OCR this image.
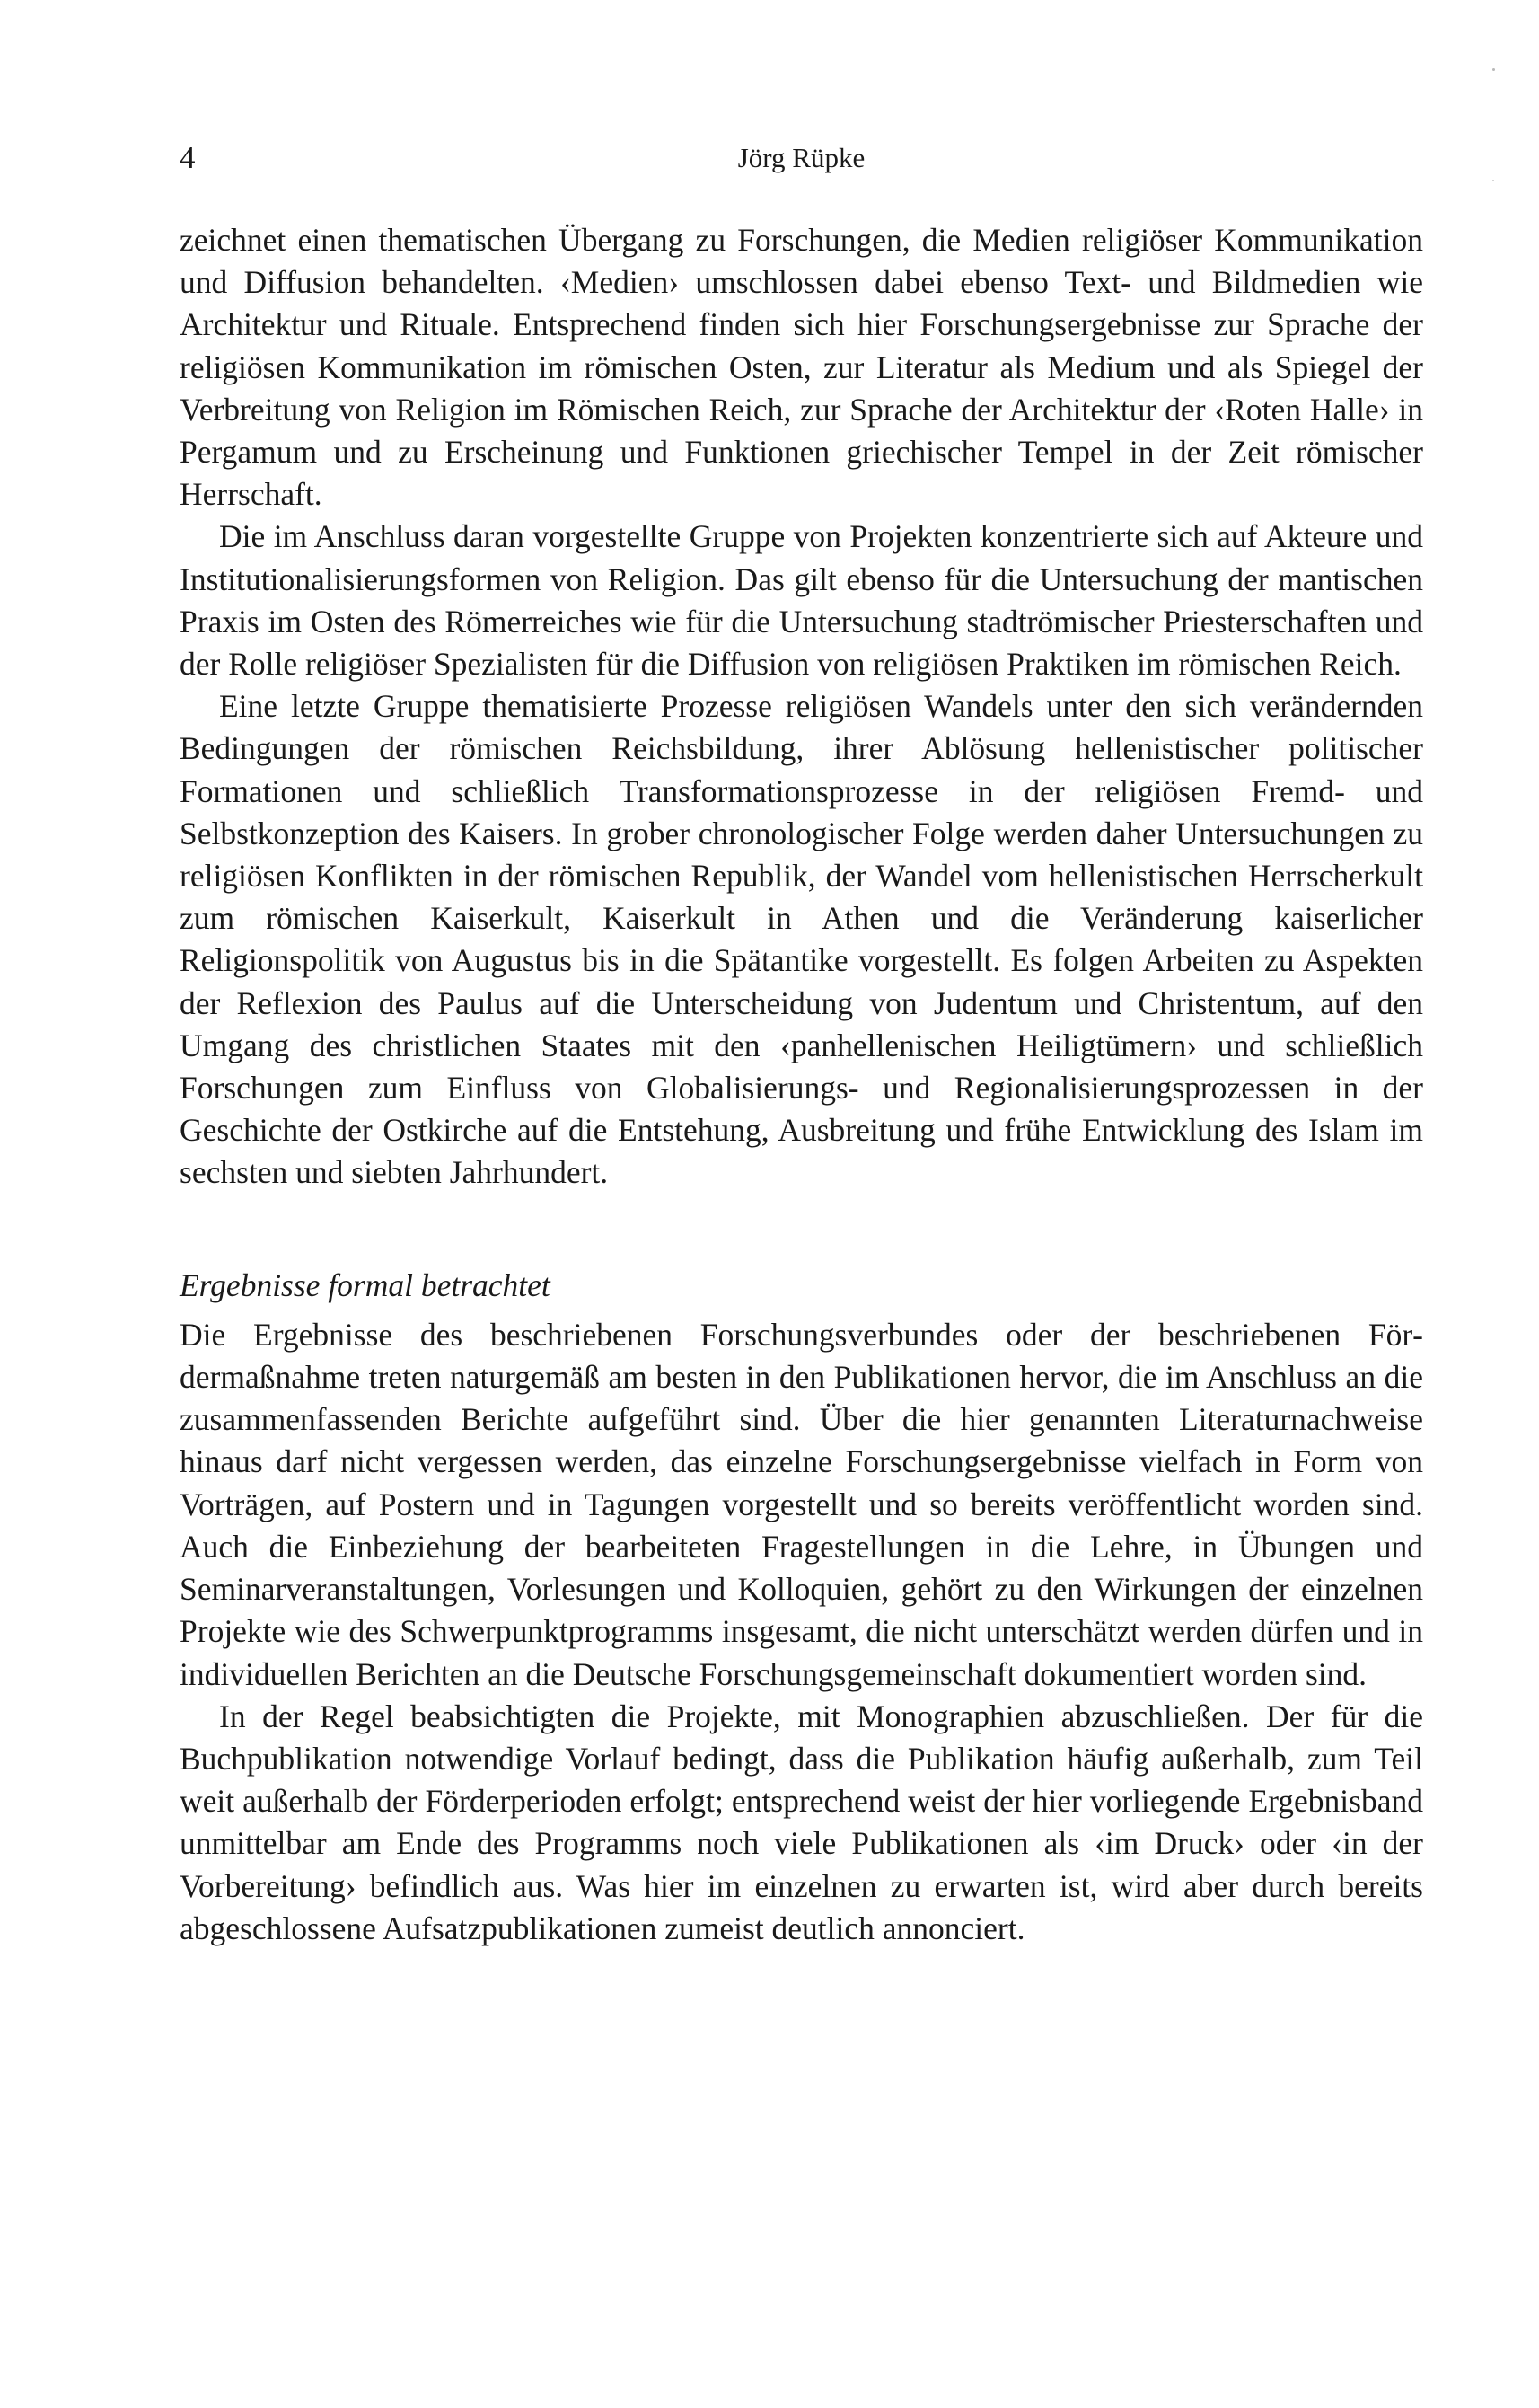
4	Jörg Rüpke

zeichnet einen thematischen Übergang zu Forschungen, die Medien religiöser Kommunikation und Diffusion behandelten. ‹Medien› umschlossen dabei ebenso Text- und Bildmedien wie Architektur und Rituale. Entsprechend finden sich hier Forschungsergebnisse zur Sprache der religiösen Kommunikation im römischen Osten, zur Literatur als Medium und als Spiegel der Verbreitung von Religion im Römischen Reich, zur Sprache der Architektur der ‹Roten Halle› in Pergamum und zu Erscheinung und Funktionen griechischer Tempel in der Zeit römischer Herrschaft.

Die im Anschluss daran vorgestellte Gruppe von Projekten konzentrierte sich auf Akteure und Institutionalisierungsformen von Religion. Das gilt ebenso für die Untersuchung der mantischen Praxis im Osten des Römerreiches wie für die Untersuchung stadtrömischer Priesterschaften und der Rolle religiöser Spezialisten für die Diffusion von religiösen Praktiken im römischen Reich.

Eine letzte Gruppe thematisierte Prozesse religiösen Wandels unter den sich verändernden Bedingungen der römischen Reichsbildung, ihrer Ablösung hellenistischer politischer Formationen und schließlich Transformationsprozesse in der religiösen Fremd- und Selbstkonzeption des Kaisers. In grober chronologischer Folge werden daher Untersuchungen zu religiösen Konflikten in der römischen Republik, der Wandel vom hellenistischen Herrscherkult zum römischen Kaiserkult, Kaiserkult in Athen und die Veränderung kaiserlicher Religionspolitik von Augustus bis in die Spätantike vorgestellt. Es folgen Arbeiten zu Aspekten der Reflexion des Paulus auf die Unterscheidung von Judentum und Christentum, auf den Umgang des christlichen Staates mit den ‹panhellenischen Heiligtümern› und schließlich Forschungen zum Einfluss von Globalisierungs- und Regionalisierungsprozessen in der Geschichte der Ostkirche auf die Entstehung, Ausbreitung und frühe Entwicklung des Islam im sechsten und siebten Jahrhundert.

Ergebnisse formal betrachtet

Die Ergebnisse des beschriebenen Forschungsverbundes oder der beschriebenen Fördermaßnahme treten naturgemäß am besten in den Publikationen hervor, die im Anschluss an die zusammenfassenden Berichte aufgeführt sind. Über die hier genannten Literaturnachweise hinaus darf nicht vergessen werden, das einzelne Forschungsergebnisse vielfach in Form von Vorträgen, auf Postern und in Tagungen vorgestellt und so bereits veröffentlicht worden sind. Auch die Einbeziehung der bearbeiteten Fragestellungen in die Lehre, in Übungen und Seminarveranstaltungen, Vorlesungen und Kolloquien, gehört zu den Wirkungen der einzelnen Projekte wie des Schwerpunktprogramms insgesamt, die nicht unterschätzt werden dürfen und in individuellen Berichten an die Deutsche Forschungsgemeinschaft dokumentiert worden sind.

In der Regel beabsichtigten die Projekte, mit Monographien abzuschließen. Der für die Buchpublikation notwendige Vorlauf bedingt, dass die Publikation häufig außerhalb, zum Teil weit außerhalb der Förderperioden erfolgt; entsprechend weist der hier vorliegende Ergebnisband unmittelbar am Ende des Programms noch viele Publikationen als ‹im Druck› oder ‹in der Vorbereitung› befindlich aus. Was hier im einzelnen zu erwarten ist, wird aber durch bereits abgeschlossene Aufsatzpublikationen zumeist deutlich annonciert.
